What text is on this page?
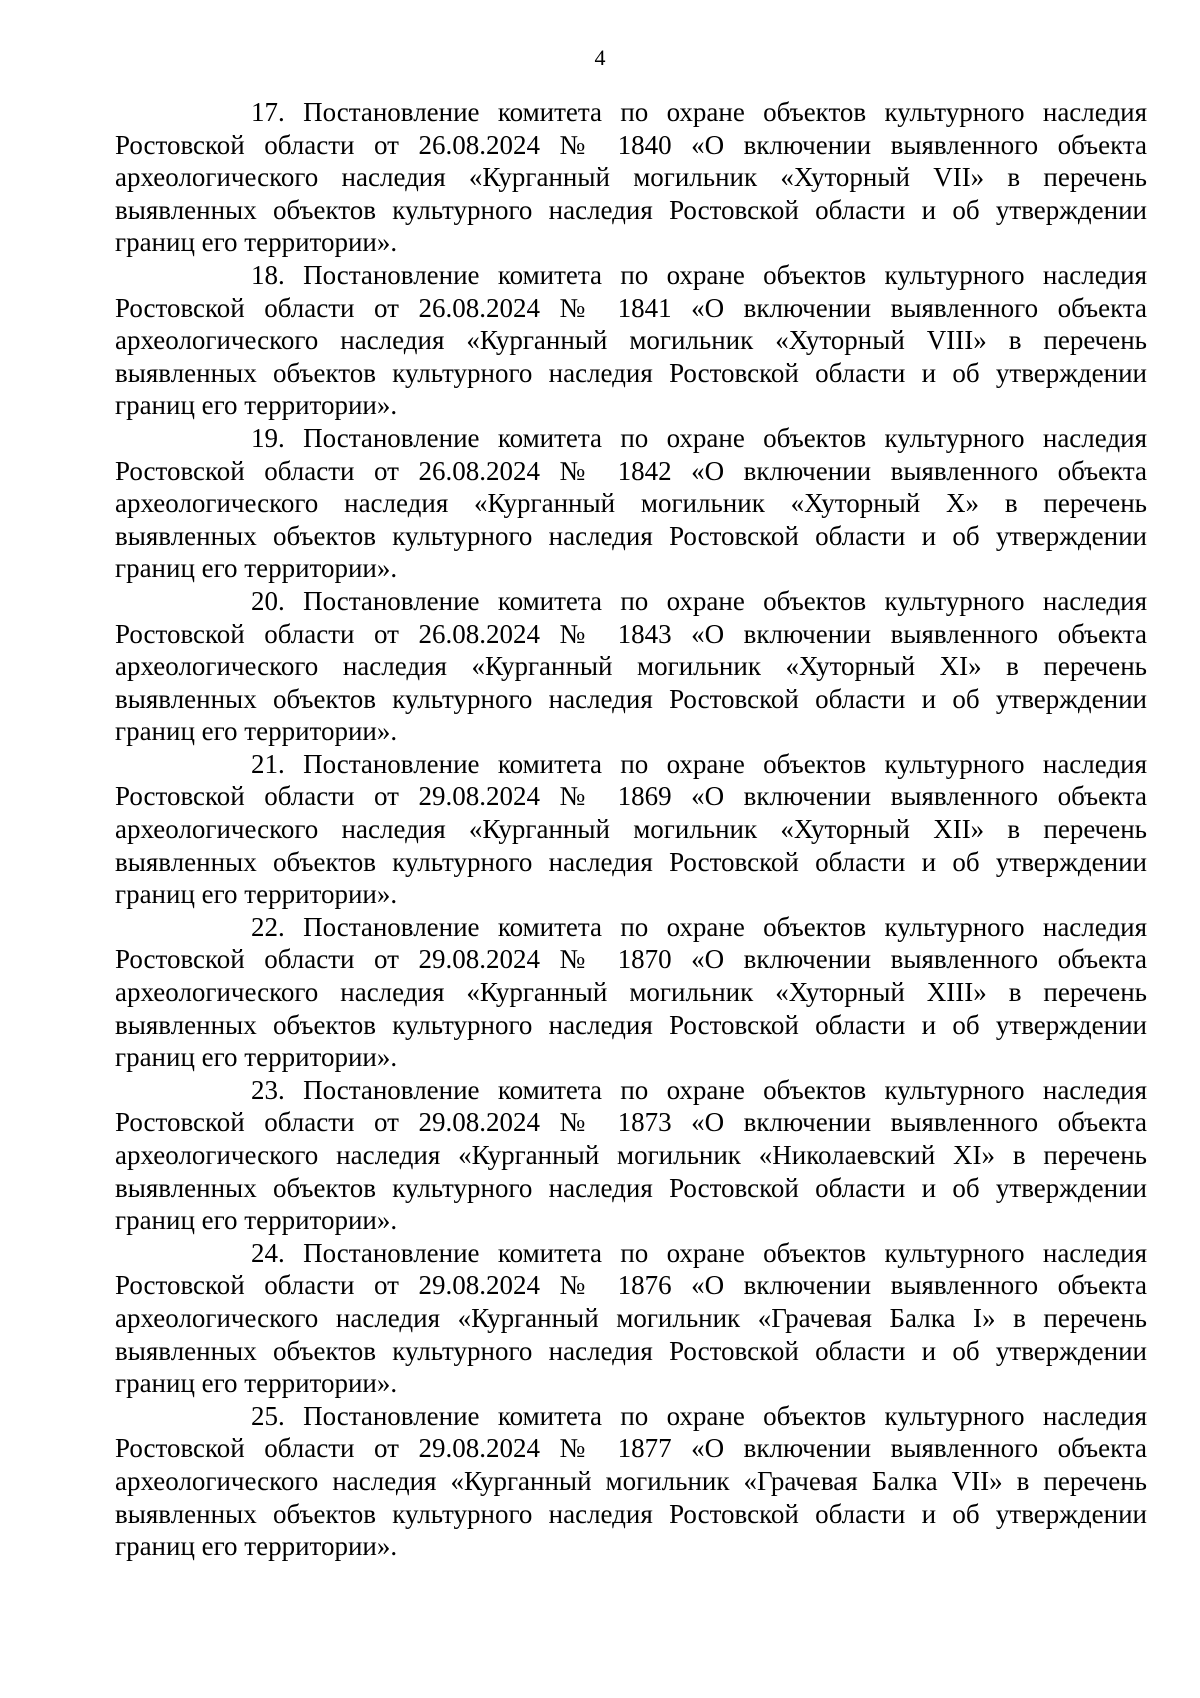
4

17. Постановление комитета по охране объектов культурного наследия Ростовской области от 26.08.2024 № 1840 «О включении выявленного объекта археологического наследия «Курганный могильник «Хуторный VII» в перечень выявленных объектов культурного наследия Ростовской области и об утверждении границ его территории».

18. Постановление комитета по охране объектов культурного наследия Ростовской области от 26.08.2024 № 1841 «О включении выявленного объекта археологического наследия «Курганный могильник «Хуторный VIII» в перечень выявленных объектов культурного наследия Ростовской области и об утверждении границ его территории».

19. Постановление комитета по охране объектов культурного наследия Ростовской области от 26.08.2024 № 1842 «О включении выявленного объекта археологического наследия «Курганный могильник «Хуторный X» в перечень выявленных объектов культурного наследия Ростовской области и об утверждении границ его территории».

20. Постановление комитета по охране объектов культурного наследия Ростовской области от 26.08.2024 № 1843 «О включении выявленного объекта археологического наследия «Курганный могильник «Хуторный XI» в перечень выявленных объектов культурного наследия Ростовской области и об утверждении границ его территории».

21. Постановление комитета по охране объектов культурного наследия Ростовской области от 29.08.2024 № 1869 «О включении выявленного объекта археологического наследия «Курганный могильник «Хуторный XII» в перечень выявленных объектов культурного наследия Ростовской области и об утверждении границ его территории».

22. Постановление комитета по охране объектов культурного наследия Ростовской области от 29.08.2024 № 1870 «О включении выявленного объекта археологического наследия «Курганный могильник «Хуторный XIII» в перечень выявленных объектов культурного наследия Ростовской области и об утверждении границ его территории».

23. Постановление комитета по охране объектов культурного наследия Ростовской области от 29.08.2024 № 1873 «О включении выявленного объекта археологического наследия «Курганный могильник «Николаевский XI» в перечень выявленных объектов культурного наследия Ростовской области и об утверждении границ его территории».

24. Постановление комитета по охране объектов культурного наследия Ростовской области от 29.08.2024 № 1876 «О включении выявленного объекта археологического наследия «Курганный могильник «Грачевая Балка I» в перечень выявленных объектов культурного наследия Ростовской области и об утверждении границ его территории».

25. Постановление комитета по охране объектов культурного наследия Ростовской области от 29.08.2024 № 1877 «О включении выявленного объекта археологического наследия «Курганный могильник «Грачевая Балка VII» в перечень выявленных объектов культурного наследия Ростовской области и об утверждении границ его территории».
